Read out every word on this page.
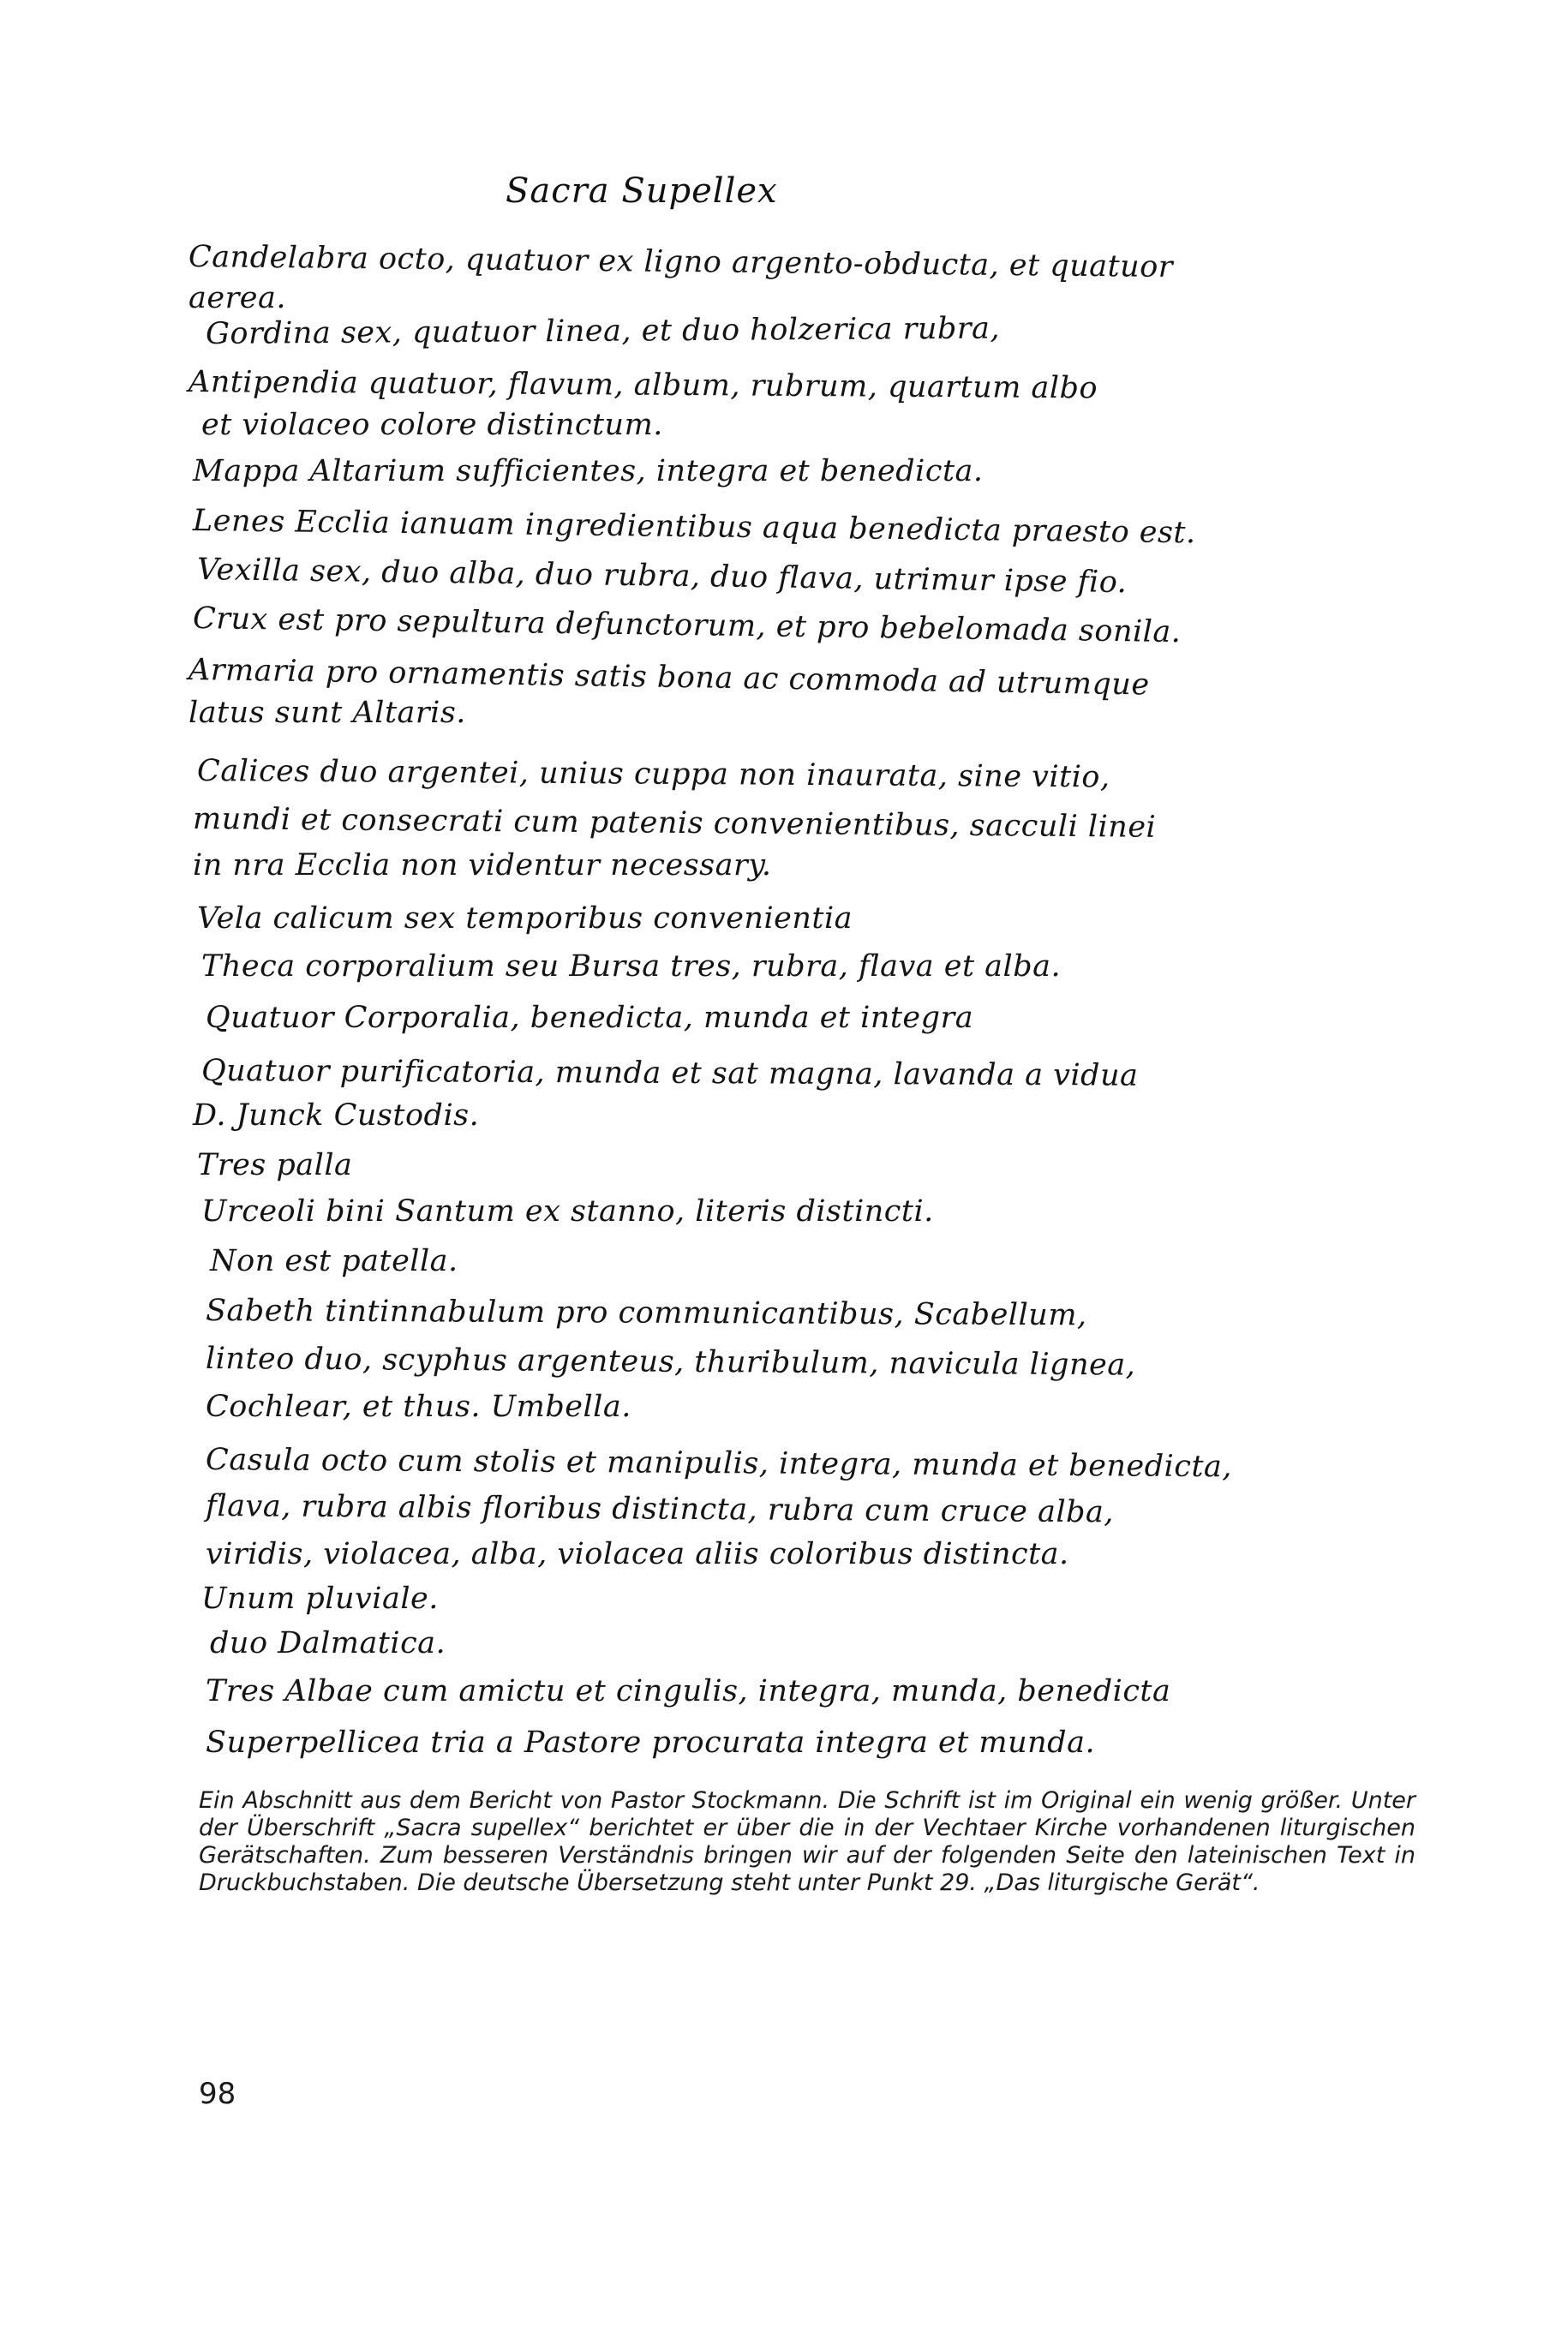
Sacra Supellex
Candelabra octo, quatuor ex ligno argento-obducta, et quatuor
aerea.
Gordina sex, quatuor linea, et duo holzerica rubra,
Antipendia quatuor, flavum, album, rubrum, quartum albo
et violaceo colore distinctum.
Mappa Altarium sufficientes, integra et benedicta.
Lenes Ecclia ianuam ingredientibus aqua benedicta praesto est.
Vexilla sex, duo alba, duo rubra, duo flava, utrimur ipse fio.
Crux est pro sepultura defunctorum, et pro bebelomada sonila.
Armaria pro ornamentis satis bona ac commoda ad utrumque
latus sunt Altaris.
Calices duo argentei, unius cuppa non inaurata, sine vitio,
mundi et consecrati cum patenis convenientibus, sacculi linei
in nra Ecclia non videntur necessary.
Vela calicum sex temporibus convenientia
Theca corporalium seu Bursa tres, rubra, flava et alba.
Quatuor Corporalia, benedicta, munda et integra
Quatuor purificatoria, munda et sat magna, lavanda a vidua
D. Junck Custodis.
Tres palla
Urceoli bini Santum ex stanno, literis distincti.
Non est patella.
Sabeth tintinnabulum pro communicantibus, Scabellum,
linteo duo, scyphus argenteus, thuribulum, navicula lignea,
Cochlear, et thus. Umbella.
Casula octo cum stolis et manipulis, integra, munda et benedicta,
flava, rubra albis floribus distincta, rubra cum cruce alba,
viridis, violacea, alba, violacea aliis coloribus distincta.
Unum pluviale.
duo Dalmatica.
Tres Albae cum amictu et cingulis, integra, munda, benedicta
Superpellicea tria a Pastore procurata integra et munda.
Ein Abschnitt aus dem Bericht von Pastor Stockmann. Die Schrift ist im Original ein wenig größer. Unter der Überschrift „Sacra supellex“ berichtet er über die in der Vechtaer Kirche vorhandenen liturgischen Gerätschaften. Zum besseren Verständnis bringen wir auf der folgenden Seite den lateinischen Text in Druckbuchstaben. Die deutsche Übersetzung steht unter Punkt 29. „Das liturgische Gerät“.
98
